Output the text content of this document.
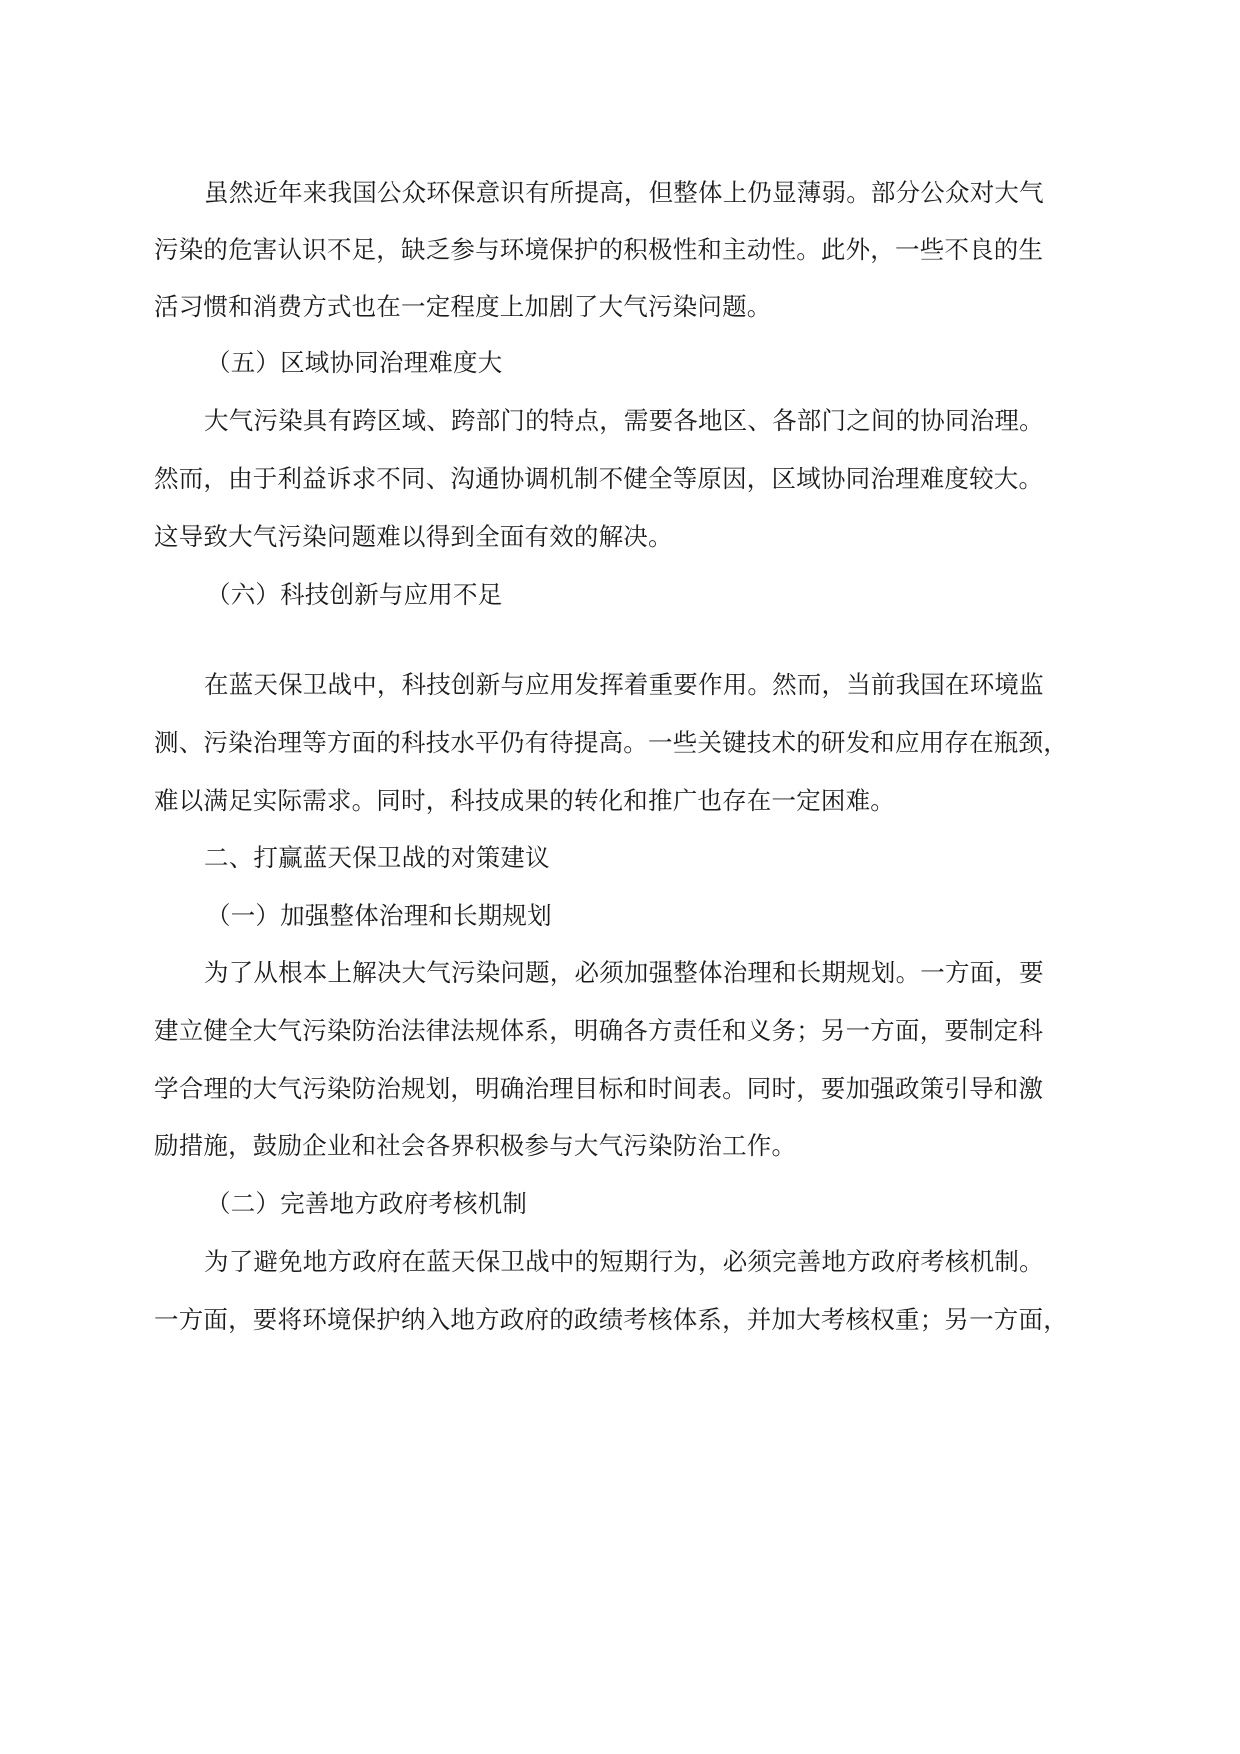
虽然近年来我国公众环保意识有所提高，但整体上仍显薄弱。部分公众对大气
污染的危害认识不足，缺乏参与环境保护的积极性和主动性。此外，一些不良的生
活习惯和消费方式也在一定程度上加剧了大气污染问题。
（五）区域协同治理难度大
大气污染具有跨区域、跨部门的特点，需要各地区、各部门之间的协同治理。
然而，由于利益诉求不同、沟通协调机制不健全等原因，区域协同治理难度较大。
这导致大气污染问题难以得到全面有效的解决。
（六）科技创新与应用不足
在蓝天保卫战中，科技创新与应用发挥着重要作用。然而，当前我国在环境监
测、污染治理等方面的科技水平仍有待提高。一些关键技术的研发和应用存在瓶颈，
难以满足实际需求。同时，科技成果的转化和推广也存在一定困难。
二、打赢蓝天保卫战的对策建议
（一）加强整体治理和长期规划
为了从根本上解决大气污染问题，必须加强整体治理和长期规划。一方面，要
建立健全大气污染防治法律法规体系，明确各方责任和义务；另一方面，要制定科
学合理的大气污染防治规划，明确治理目标和时间表。同时，要加强政策引导和激
励措施，鼓励企业和社会各界积极参与大气污染防治工作。
（二）完善地方政府考核机制
为了避免地方政府在蓝天保卫战中的短期行为，必须完善地方政府考核机制。
一方面，要将环境保护纳入地方政府的政绩考核体系，并加大考核权重；另一方面，
